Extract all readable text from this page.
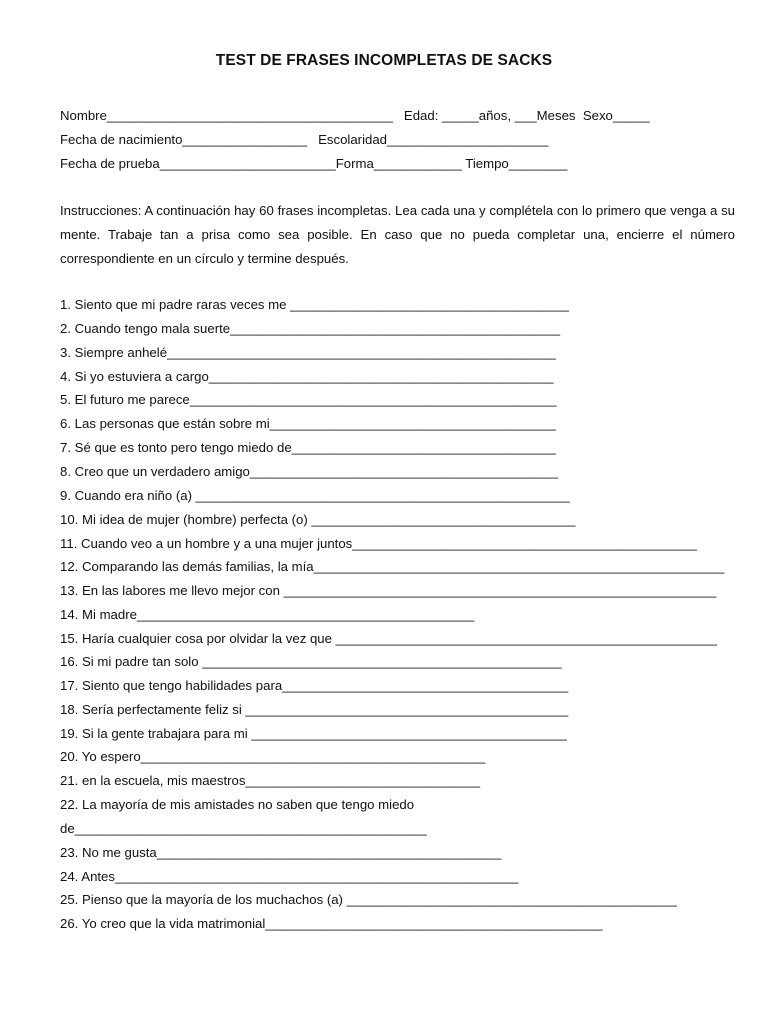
TEST DE FRASES INCOMPLETAS DE SACKS
Nombre_______________________________________   Edad: _____años, ___Meses  Sexo_____
Fecha de nacimiento_________________   Escolaridad______________________
Fecha de prueba________________________Forma____________ Tiempo________
Instrucciones: A continuación hay 60 frases incompletas. Lea cada una y complétela con lo primero que venga a su mente. Trabaje tan a prisa como sea posible. En caso que no pueda completar una, encierre el número correspondiente en un círculo y termine después.
1. Siento que mi padre raras veces me ______________________________________
2. Cuando tengo mala suerte_____________________________________________
3. Siempre anhelé_____________________________________________________
4. Si yo estuviera a cargo_______________________________________________
5. El futuro me parece__________________________________________________
6. Las personas que están sobre mi_______________________________________
7. Sé que es tonto pero tengo miedo de____________________________________
8. Creo que un verdadero amigo__________________________________________
9. Cuando era niño (a) ___________________________________________________
10. Mi idea de mujer (hombre) perfecta (o) ____________________________________
11. Cuando veo a un hombre y a una mujer juntos_______________________________________________
12. Comparando las demás familias, la mía________________________________________________________
13. En las labores me llevo mejor con ___________________________________________________________
14. Mi madre______________________________________________
15. Haría cualquier cosa por olvidar la vez que ____________________________________________________
16. Si mi padre tan solo _________________________________________________
17. Siento que tengo habilidades para_______________________________________
18. Sería perfectamente feliz si ____________________________________________
19. Si la gente trabajara para mi ___________________________________________
20. Yo espero_______________________________________________
21. en la escuela, mis maestros________________________________
22. La mayoría de mis amistades no saben que tengo miedo
de________________________________________________
23. No me gusta_______________________________________________
24. Antes_______________________________________________________
25. Pienso que la mayoría de los muchachos (a) _____________________________________________
26. Yo creo que la vida matrimonial______________________________________________
